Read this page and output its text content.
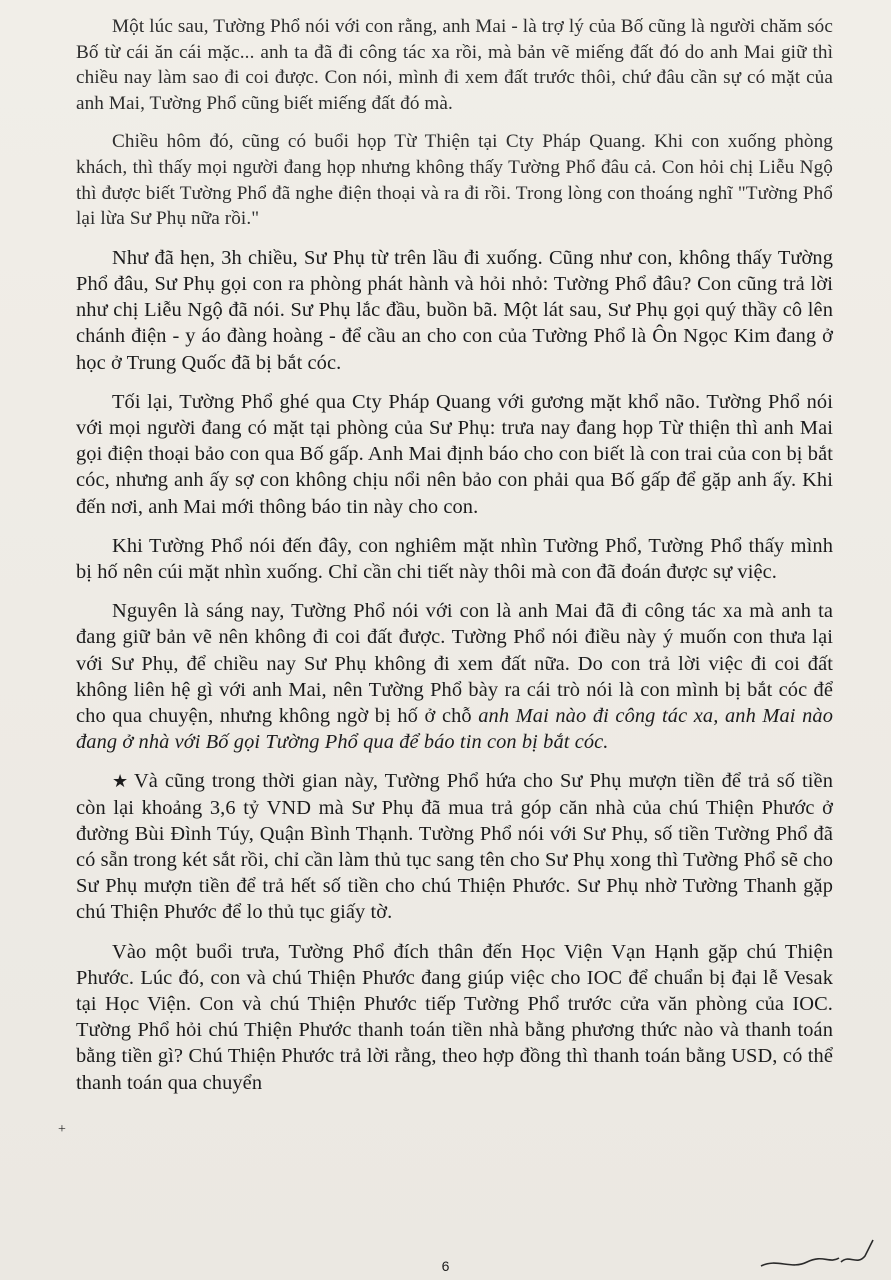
Một lúc sau, Tường Phổ nói với con rằng, anh Mai - là trợ lý của Bố cũng là người chăm sóc Bố từ cái ăn cái mặc... anh ta đã đi công tác xa rồi, mà bản vẽ miếng đất đó do anh Mai giữ thì chiều nay làm sao đi coi được. Con nói, mình đi xem đất trước thôi, chứ đâu cần sự có mặt của anh Mai, Tường Phổ cũng biết miếng đất đó mà.

Chiều hôm đó, cũng có buổi họp Từ Thiện tại Cty Pháp Quang. Khi con xuống phòng khách, thì thấy mọi người đang họp nhưng không thấy Tường Phổ đâu cả. Con hỏi chị Liễu Ngộ thì được biết Tường Phổ đã nghe điện thoại và ra đi rồi. Trong lòng con thoáng nghĩ "Tường Phổ lại lừa Sư Phụ nữa rồi."

Như đã hẹn, 3h chiều, Sư Phụ từ trên lầu đi xuống. Cũng như con, không thấy Tường Phổ đâu, Sư Phụ gọi con ra phòng phát hành và hỏi nhỏ: Tường Phổ đâu? Con cũng trả lời như chị Liễu Ngộ đã nói. Sư Phụ lắc đầu, buồn bã. Một lát sau, Sư Phụ gọi quý thầy cô lên chánh điện - y áo đàng hoàng - để cầu an cho con của Tường Phổ là Ôn Ngọc Kim đang ở học ở Trung Quốc đã bị bắt cóc.

Tối lại, Tường Phổ ghé qua Cty Pháp Quang với gương mặt khổ não. Tường Phổ nói với mọi người đang có mặt tại phòng của Sư Phụ: trưa nay đang họp Từ thiện thì anh Mai gọi điện thoại bảo con qua Bố gấp. Anh Mai định báo cho con biết là con trai của con bị bắt cóc, nhưng anh ấy sợ con không chịu nổi nên bảo con phải qua Bố gấp để gặp anh ấy. Khi đến nơi, anh Mai mới thông báo tin này cho con.

Khi Tường Phổ nói đến đây, con nghiêm mặt nhìn Tường Phổ, Tường Phổ thấy mình bị hố nên cúi mặt nhìn xuống. Chỉ cần chi tiết này thôi mà con đã đoán được sự việc.

Nguyên là sáng nay, Tường Phổ nói với con là anh Mai đã đi công tác xa mà anh ta đang giữ bản vẽ nên không đi coi đất được. Tường Phổ nói điều này ý muốn con thưa lại với Sư Phụ, để chiều nay Sư Phụ không đi xem đất nữa. Do con trả lời việc đi coi đất không liên hệ gì với anh Mai, nên Tường Phổ bày ra cái trò nói là con mình bị bắt cóc để cho qua chuyện, nhưng không ngờ bị hố ở chỗ anh Mai nào đi công tác xa, anh Mai nào đang ở nhà với Bố gọi Tường Phổ qua để báo tin con bị bắt cóc.

★ Và cũng trong thời gian này, Tường Phổ hứa cho Sư Phụ mượn tiền để trả số tiền còn lại khoảng 3,6 tỷ VND mà Sư Phụ đã mua trả góp căn nhà của chú Thiện Phước ở đường Bùi Đình Túy, Quận Bình Thạnh. Tường Phổ nói với Sư Phụ, số tiền Tường Phổ đã có sẵn trong két sắt rồi, chỉ cần làm thủ tục sang tên cho Sư Phụ xong thì Tường Phổ sẽ cho Sư Phụ mượn tiền để trả hết số tiền cho chú Thiện Phước. Sư Phụ nhờ Tường Thanh gặp chú Thiện Phước để lo thủ tục giấy tờ.

Vào một buổi trưa, Tường Phổ đích thân đến Học Viện Vạn Hạnh gặp chú Thiện Phước. Lúc đó, con và chú Thiện Phước đang giúp việc cho IOC để chuẩn bị đại lễ Vesak tại Học Viện. Con và chú Thiện Phước tiếp Tường Phổ trước cửa văn phòng của IOC. Tường Phổ hỏi chú Thiện Phước thanh toán tiền nhà bằng phương thức nào và thanh toán bằng tiền gì? Chú Thiện Phước trả lời rằng, theo hợp đồng thì thanh toán bằng USD, có thể thanh toán qua chuyển

+
6
